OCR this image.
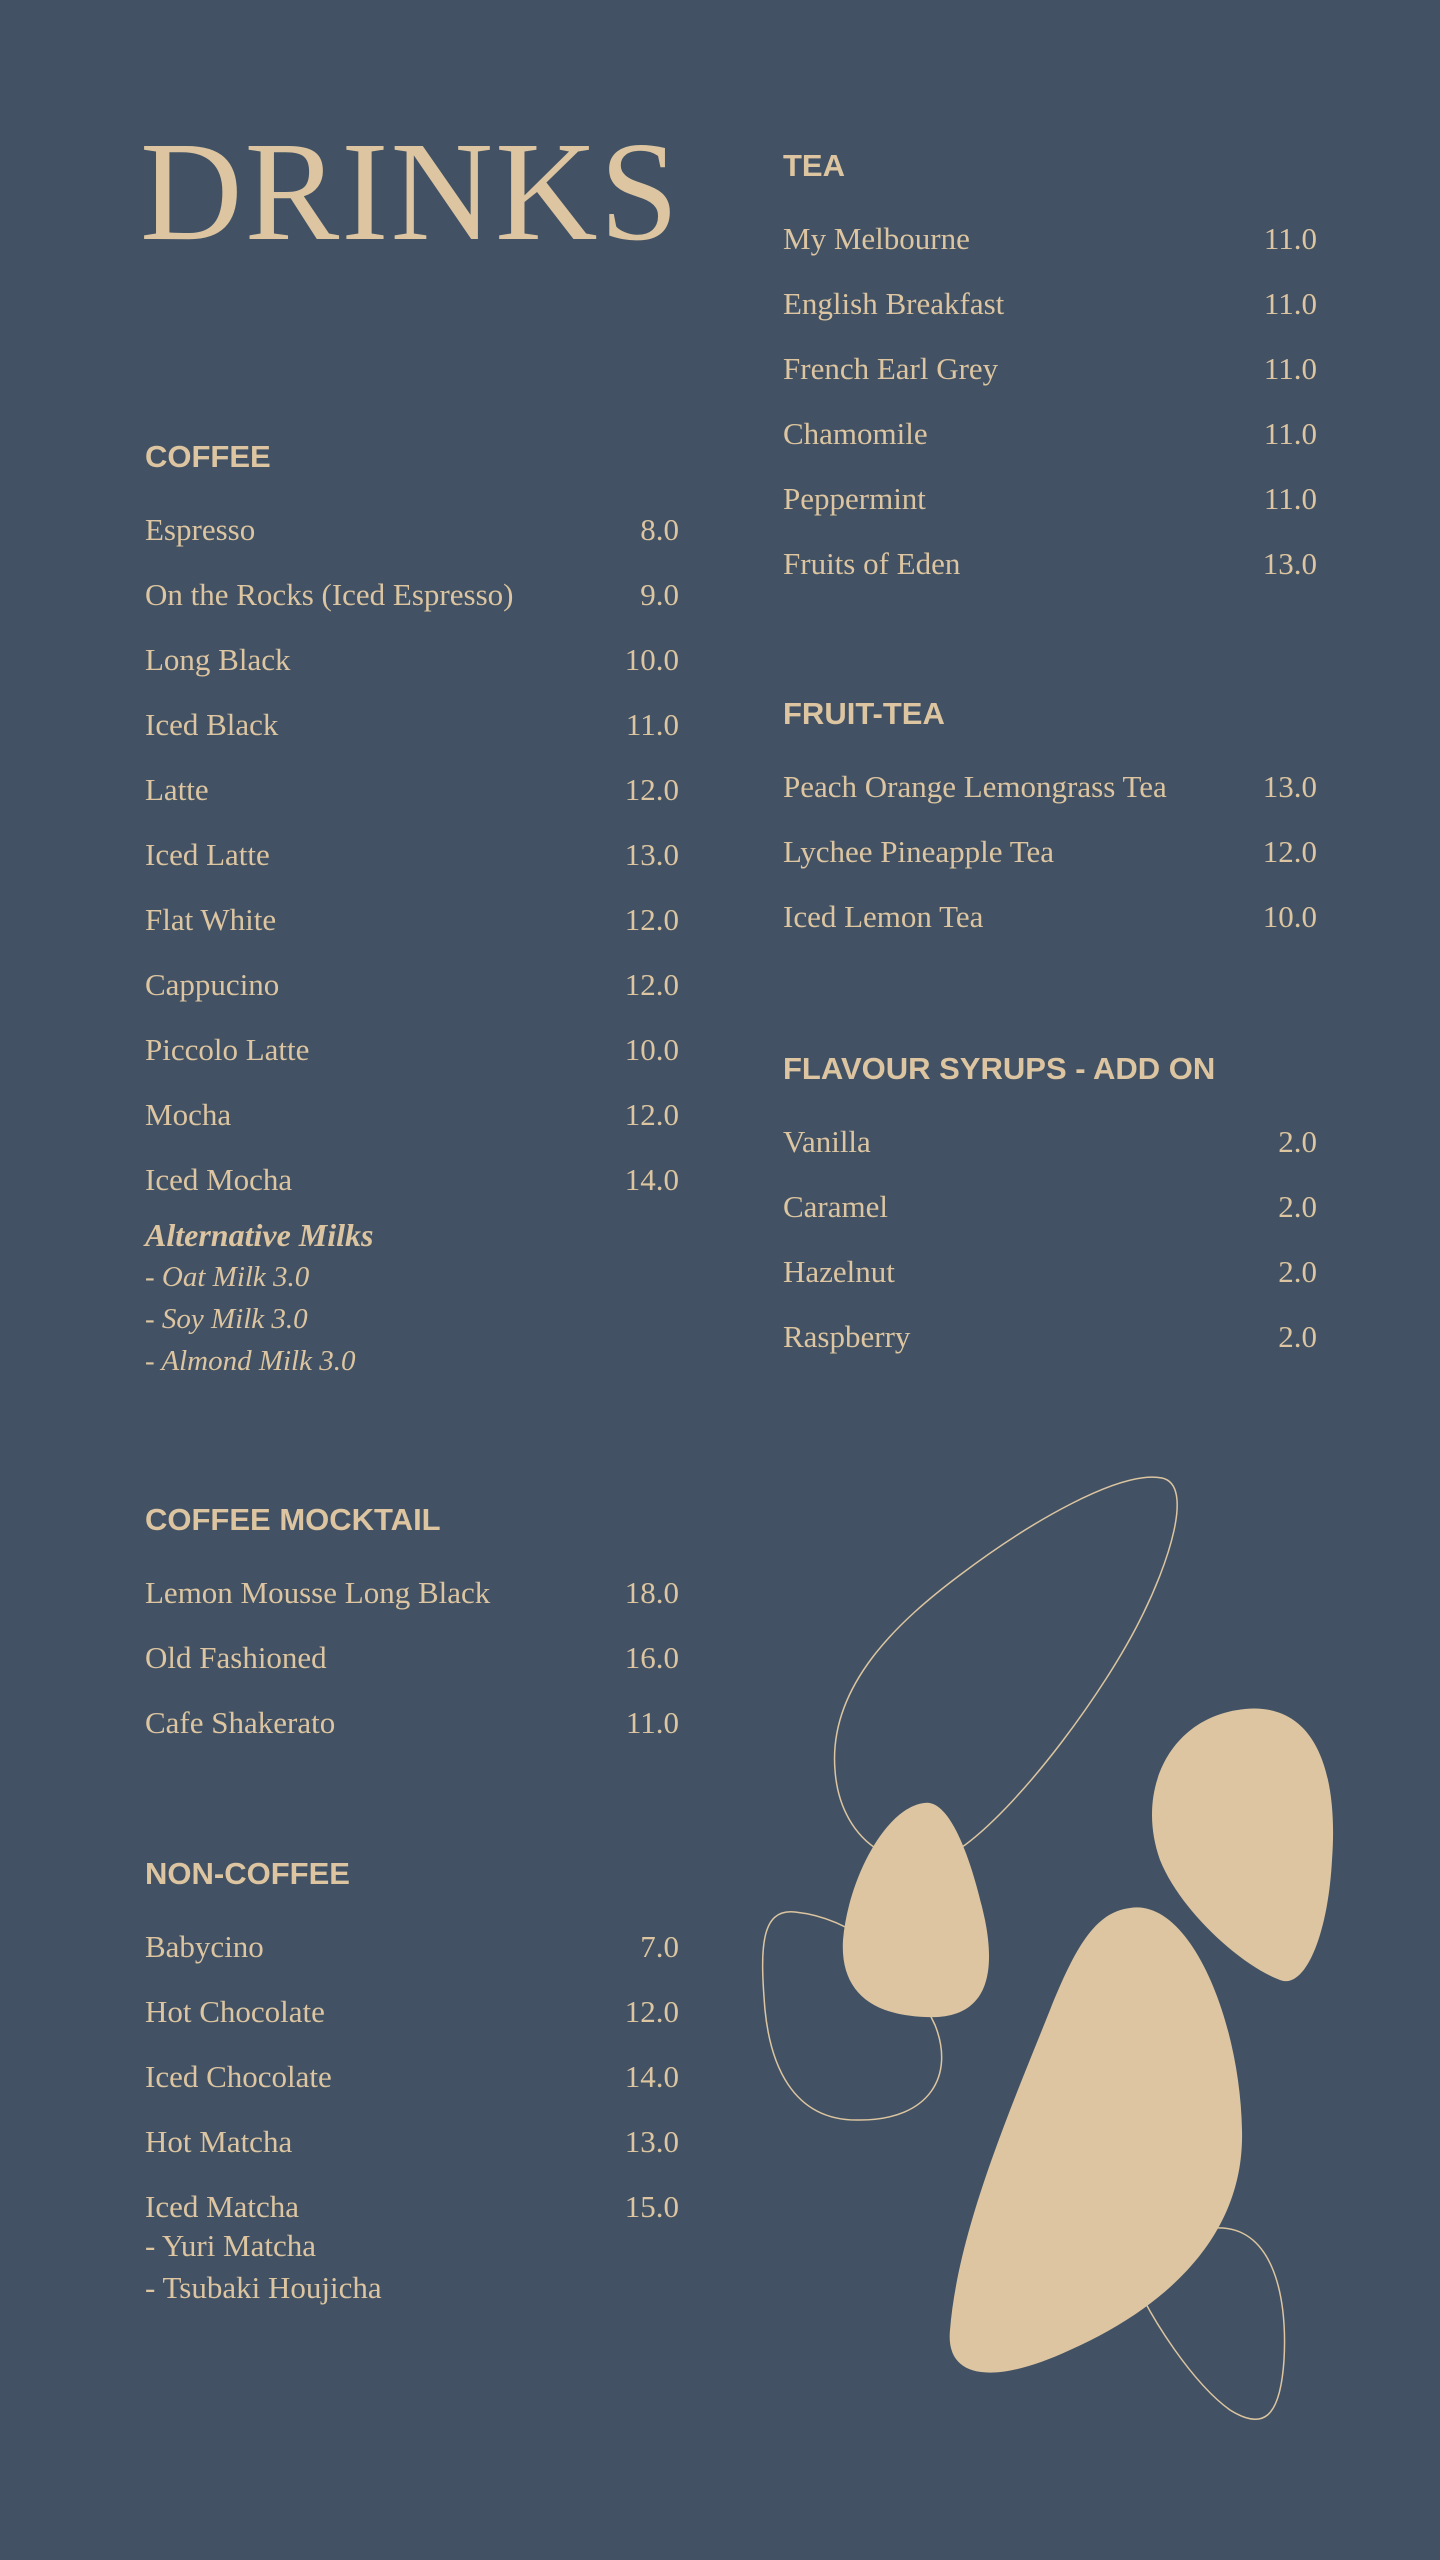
DRINKS
COFFEE
Espresso	8.0
On the Rocks (Iced Espresso)	9.0
Long Black	10.0
Iced Black	11.0
Latte	12.0
Iced Latte	13.0
Flat White	12.0
Cappucino	12.0
Piccolo Latte	10.0
Mocha	12.0
Iced Mocha	14.0
Alternative Milks
- Oat Milk 3.0
- Soy Milk 3.0
- Almond Milk 3.0
COFFEE MOCKTAIL
Lemon Mousse Long Black	18.0
Old Fashioned	16.0
Cafe Shakerato	11.0
NON-COFFEE
Babycino	7.0
Hot Chocolate	12.0
Iced Chocolate	14.0
Hot Matcha	13.0
Iced Matcha	15.0
- Yuri Matcha
- Tsubaki Houjicha
TEA
My Melbourne	11.0
English Breakfast	11.0
French Earl Grey	11.0
Chamomile	11.0
Peppermint	11.0
Fruits of Eden	13.0
FRUIT-TEA
Peach Orange Lemongrass Tea	13.0
Lychee Pineapple Tea	12.0
Iced Lemon Tea	10.0
FLAVOUR SYRUPS - ADD ON
Vanilla	2.0
Caramel	2.0
Hazelnut	2.0
Raspberry	2.0
